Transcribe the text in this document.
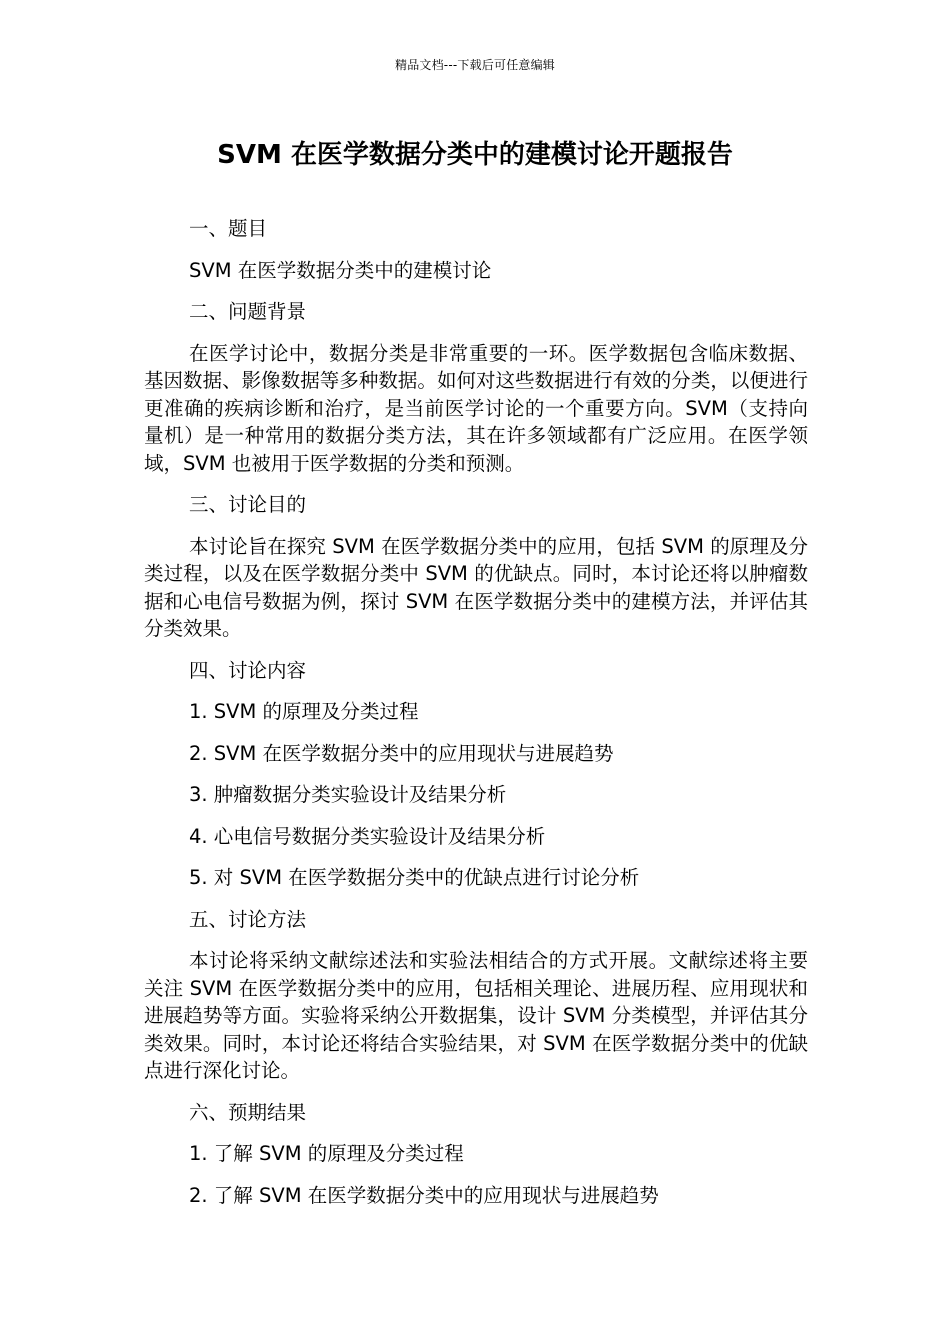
精品文档---下载后可任意编辑
SVM 在医学数据分类中的建模讨论开题报告

一、题目

SVM 在医学数据分类中的建模讨论

二、问题背景

在医学讨论中，数据分类是非常重要的一环。医学数据包含临床数据、基因数据、影像数据等多种数据。如何对这些数据进行有效的分类，以便进行更准确的疾病诊断和治疗，是当前医学讨论的一个重要方向。SVM（支持向量机）是一种常用的数据分类方法，其在许多领域都有广泛应用。在医学领域，SVM 也被用于医学数据的分类和预测。

三、讨论目的

本讨论旨在探究 SVM 在医学数据分类中的应用，包括 SVM 的原理及分类过程，以及在医学数据分类中 SVM 的优缺点。同时，本讨论还将以肿瘤数据和心电信号数据为例，探讨 SVM 在医学数据分类中的建模方法，并评估其分类效果。

四、讨论内容

1. SVM 的原理及分类过程

2. SVM 在医学数据分类中的应用现状与进展趋势

3. 肿瘤数据分类实验设计及结果分析

4. 心电信号数据分类实验设计及结果分析

5. 对 SVM 在医学数据分类中的优缺点进行讨论分析

五、讨论方法

本讨论将采纳文献综述法和实验法相结合的方式开展。文献综述将主要关注 SVM 在医学数据分类中的应用，包括相关理论、进展历程、应用现状和进展趋势等方面。实验将采纳公开数据集，设计 SVM 分类模型，并评估其分类效果。同时，本讨论还将结合实验结果，对 SVM 在医学数据分类中的优缺点进行深化讨论。

六、预期结果

1. 了解 SVM 的原理及分类过程

2. 了解 SVM 在医学数据分类中的应用现状与进展趋势
